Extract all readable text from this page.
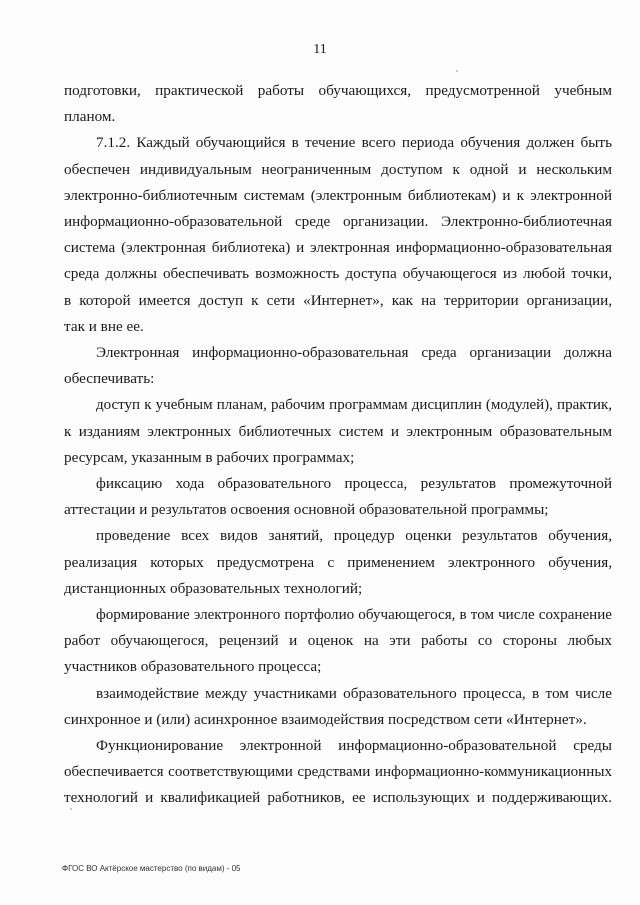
11

подготовки, практической работы обучающихся, предусмотренной учебным
планом.

7.1.2. Каждый обучающийся в течение всего периода обучения должен быть
обеспечен индивидуальным неограниченным доступом к одной и нескольким
электронно-библиотечным системам (электронным библиотекам) и к электронной
информационно-образовательной среде организации. Электронно-библиотечная
система (электронная библиотека) и электронная информационно-образовательная
среда должны обеспечивать возможность доступа обучающегося из любой точки,
в которой имеется доступ к сети «Интернет», как на территории организации,
так и вне ее.

Электронная информационно-образовательная среда организации должна
обеспечивать:

доступ к учебным планам, рабочим программам дисциплин (модулей), практик,
к изданиям электронных библиотечных систем и электронным образовательным
ресурсам, указанным в рабочих программах;

фиксацию хода образовательного процесса, результатов промежуточной
аттестации и результатов освоения основной образовательной программы;

проведение всех видов занятий, процедур оценки результатов обучения,
реализация которых предусмотрена с применением электронного обучения,
дистанционных образовательных технологий;

формирование электронного портфолио обучающегося, в том числе сохранение
работ обучающегося, рецензий и оценок на эти работы со стороны любых
участников образовательного процесса;

взаимодействие между участниками образовательного процесса, в том числе
синхронное и (или) асинхронное взаимодействия посредством сети «Интернет».

Функционирование электронной информационно-образовательной среды
обеспечивается соответствующими средствами информационно-коммуникационных
технологий и квалификацией работников, ее использующих и поддерживающих.

ФГОС ВО Актёрское мастерство (по видам) - 05
